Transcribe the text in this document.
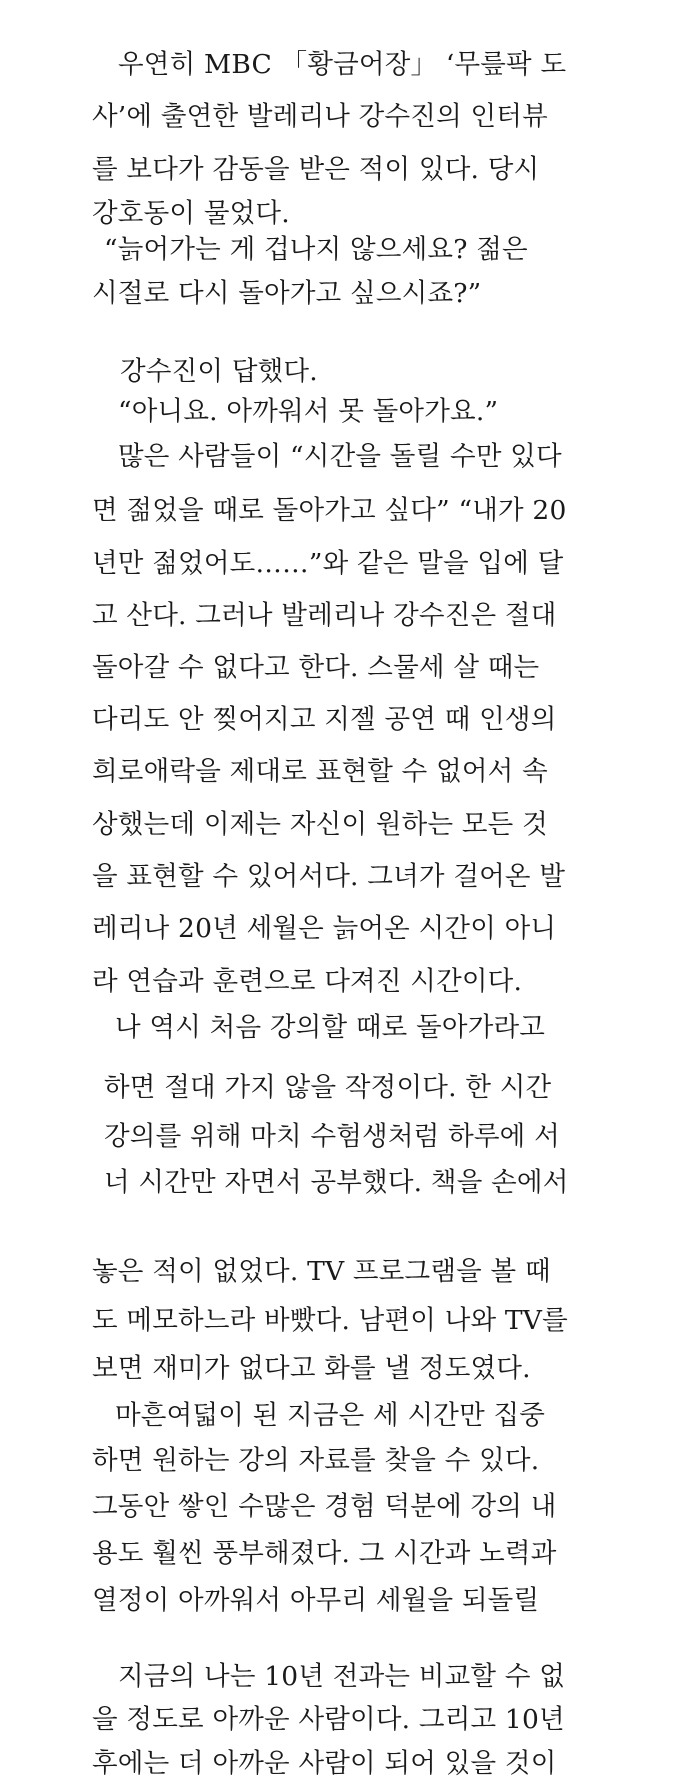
우연히 MBC 「황금어장」 ‘무릎팍 도

사’에 출연한 발레리나 강수진의 인터뷰

를 보다가 감동을 받은 적이 있다. 당시

강호동이 물었다.

“늙어가는 게 겁나지 않으세요? 젊은

시절로 다시 돌아가고 싶으시죠?”

강수진이 답했다.

“아니요. 아까워서 못 돌아가요.”

많은 사람들이 “시간을 돌릴 수만 있다

면 젊었을 때로 돌아가고 싶다” “내가 20

년만 젊었어도……”와 같은 말을 입에 달

고 산다. 그러나 발레리나 강수진은 절대

돌아갈 수 없다고 한다. 스물세 살 때는

다리도 안 찢어지고 지젤 공연 때 인생의

희로애락을 제대로 표현할 수 없어서 속

상했는데 이제는 자신이 원하는 모든 것

을 표현할 수 있어서다. 그녀가 걸어온 발

레리나 20년 세월은 늙어온 시간이 아니

라 연습과 훈련으로 다져진 시간이다.

나 역시 처음 강의할 때로 돌아가라고

하면 절대 가지 않을 작정이다. 한 시간

강의를 위해 마치 수험생처럼 하루에 서

너 시간만 자면서 공부했다. 책을 손에서

놓은 적이 없었다. TV 프로그램을 볼 때

도 메모하느라 바빴다. 남편이 나와 TV를

보면 재미가 없다고 화를 낼 정도였다.

마흔여덟이 된 지금은 세 시간만 집중

하면 원하는 강의 자료를 찾을 수 있다.

그동안 쌓인 수많은 경험 덕분에 강의 내

용도 훨씬 풍부해졌다. 그 시간과 노력과

열정이 아까워서 아무리 세월을 되돌릴

지금의 나는 10년 전과는 비교할 수 없

을 정도로 아까운 사람이다. 그리고 10년

후에는 더 아까운 사람이 되어 있을 것이
